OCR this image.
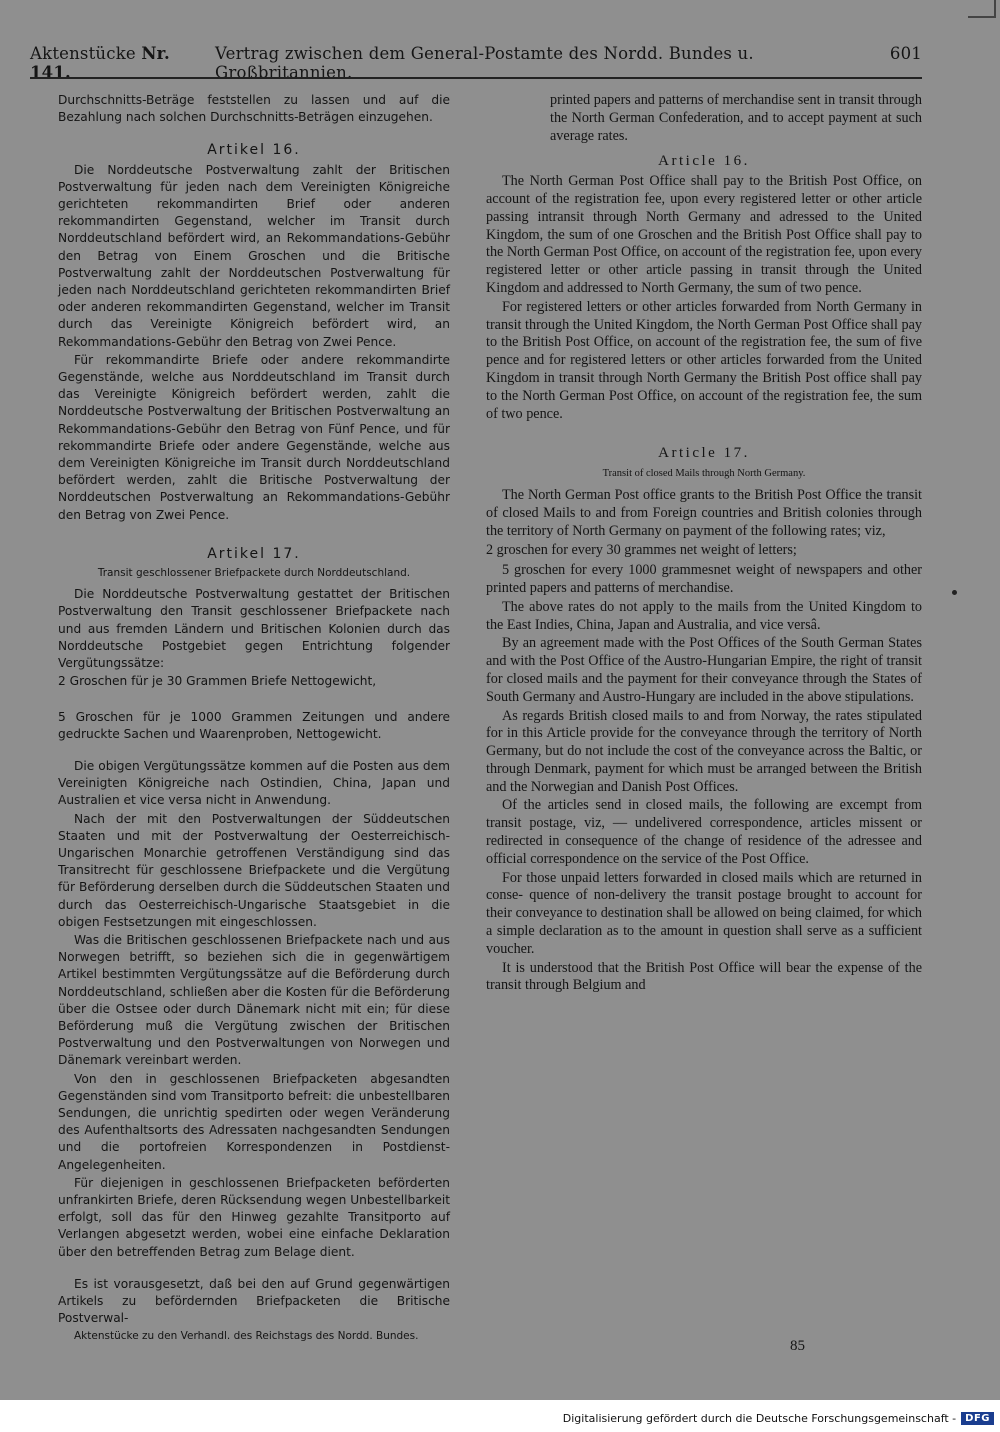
Aktenstücke Nr. 141.
Vertrag zwischen dem General-Postamte des Nordd. Bundes u. Großbritannien.
601

Durchschnitts-Beträge feststellen zu lassen und auf die Bezahlung nach solchen Durchschnitts-Beträgen einzugehen.

Artikel 16.

Die Norddeutsche Postverwaltung zahlt der Britischen Postverwaltung für jeden nach dem Vereinigten Königreiche gerichteten rekommandirten Brief oder anderen rekommandirten Gegenstand, welcher im Transit durch Norddeutschland befördert wird, an Rekommandations-Gebühr den Betrag von Einem Groschen und die Britische Postverwaltung zahlt der Norddeutschen Postverwaltung für jeden nach Norddeutschland gerichteten rekommandirten Brief oder anderen rekommandirten Gegenstand, welcher im Transit durch das Vereinigte Königreich befördert wird, an Rekommandations-Gebühr den Betrag von Zwei Pence.

Für rekommandirte Briefe oder andere rekommandirte Gegenstände, welche aus Norddeutschland im Transit durch das Vereinigte Königreich befördert werden, zahlt die Norddeutsche Postverwaltung der Britischen Postverwaltung an Rekommandations-Gebühr den Betrag von Fünf Pence, und für rekommandirte Briefe oder andere Gegenstände, welche aus dem Vereinigten Königreiche im Transit durch Norddeutschland befördert werden, zahlt die Britische Postverwaltung der Norddeutschen Postverwaltung an Rekommandations-Gebühr den Betrag von Zwei Pence.

Artikel 17.
Transit geschlossener Briefpackete durch Norddeutschland.

Die Norddeutsche Postverwaltung gestattet der Britischen Postverwaltung den Transit geschlossener Briefpackete nach und aus fremden Ländern und Britischen Kolonien durch das Norddeutsche Postgebiet gegen Entrichtung folgender Vergütungssätze:

2 Groschen für je 30 Grammen Briefe Nettogewicht,

5 Groschen für je 1000 Grammen Zeitungen und andere gedruckte Sachen und Waarenproben, Nettogewicht.

Die obigen Vergütungssätze kommen auf die Posten aus dem Vereinigten Königreiche nach Ostindien, China, Japan und Australien et vice versa nicht in Anwendung.

Nach der mit den Postverwaltungen der Süddeutschen Staaten und mit der Postverwaltung der Oesterreichisch-Ungarischen Monarchie getroffenen Verständigung sind das Transitrecht für geschlossene Briefpackete und die Vergütung für Beförderung derselben durch die Süddeutschen Staaten und durch das Oesterreichisch-Ungarische Staatsgebiet in die obigen Festsetzungen mit eingeschlossen.

Was die Britischen geschlossenen Briefpackete nach und aus Norwegen betrifft, so beziehen sich die in gegenwärtigem Artikel bestimmten Vergütungssätze auf die Beförderung durch Norddeutschland, schließen aber die Kosten für die Beförderung über die Ostsee oder durch Dänemark nicht mit ein; für diese Beförderung muß die Vergütung zwischen der Britischen Postverwaltung und den Postverwaltungen von Norwegen und Dänemark vereinbart werden.

Von den in geschlossenen Briefpacketen abgesandten Gegenständen sind vom Transitporto befreit: die unbestellbaren Sendungen, die unrichtig spedirten oder wegen Veränderung des Aufenthaltsorts des Adressaten nachgesandten Sendungen und die portofreien Korrespondenzen in Postdienst-Angelegenheiten.

Für diejenigen in geschlossenen Briefpacketen beförderten unfrankirten Briefe, deren Rücksendung wegen Unbestellbarkeit erfolgt, soll das für den Hinweg gezahlte Transitporto auf Verlangen abgesetzt werden, wobei eine einfache Deklaration über den betreffenden Betrag zum Belage dient.

Es ist vorausgesetzt, daß bei den auf Grund gegenwärtigen Artikels zu befördernden Briefpacketen die Britische Postverwal-

Aktenstücke zu den Verhandl. des Reichstags des Nordd. Bundes.

printed papers and patterns of merchandise sent in transit through the North German Confederation, and to accept payment at such average rates.

Article 16.

The North German Post Office shall pay to the British Post Office, on account of the registration fee, upon every registered letter or other article passing intransit through North Germany and adressed to the United Kingdom, the sum of one Groschen and the British Post Office shall pay to the North German Post Office, on account of the registration fee, upon every registered letter or other article passing in transit through the United Kingdom and addressed to North Germany, the sum of two pence.

For registered letters or other articles forwarded from North Germany in transit through the United Kingdom, the North German Post Office shall pay to the British Post Office, on account of the registration fee, the sum of five pence and for registered letters or other articles forwarded from the United Kingdom in transit through North Germany the British Post office shall pay to the North German Post Office, on account of the registration fee, the sum of two pence.

Article 17.
Transit of closed Mails through North Germany.

The North German Post office grants to the British Post Office the transit of closed Mails to and from Foreign countries and British colonies through the territory of North Germany on payment of the following rates; viz,

2 groschen for every 30 grammes net weight of letters;

5 groschen for every 1000 grammesnet weight of newspapers and other printed papers and patterns of merchandise.

The above rates do not apply to the mails from the United Kingdom to the East Indies, China, Japan and Australia, and vice versâ.

By an agreement made with the Post Offices of the South German States and with the Post Office of the Austro-Hungarian Empire, the right of transit for closed mails and the payment for their conveyance through the States of South Germany and Austro-Hungary are included in the above stipulations.

As regards British closed mails to and from Norway, the rates stipulated for in this Article provide for the conveyance through the territory of North Germany, but do not include the cost of the conveyance across the Baltic, or through Denmark, payment for which must be arranged between the British and the Norwegian and Danish Post Offices.

Of the articles send in closed mails, the following are excempt from transit postage, viz, — undelivered correspondence, articles missent or redirected in consequence of the change of residence of the adressee and official correspondence on the service of the Post Office.

For those unpaid letters forwarded in closed mails which are returned in conse- quence of non-delivery the transit postage brought to account for their conveyance to destination shall be allowed on being claimed, for which a simple declaration as to the amount in question shall serve as a sufficient voucher.

It is understood that the British Post Office will bear the expense of the transit through Belgium and

85
Digitalisierung gefördert durch die Deutsche Forschungsgemeinschaft - DFG
